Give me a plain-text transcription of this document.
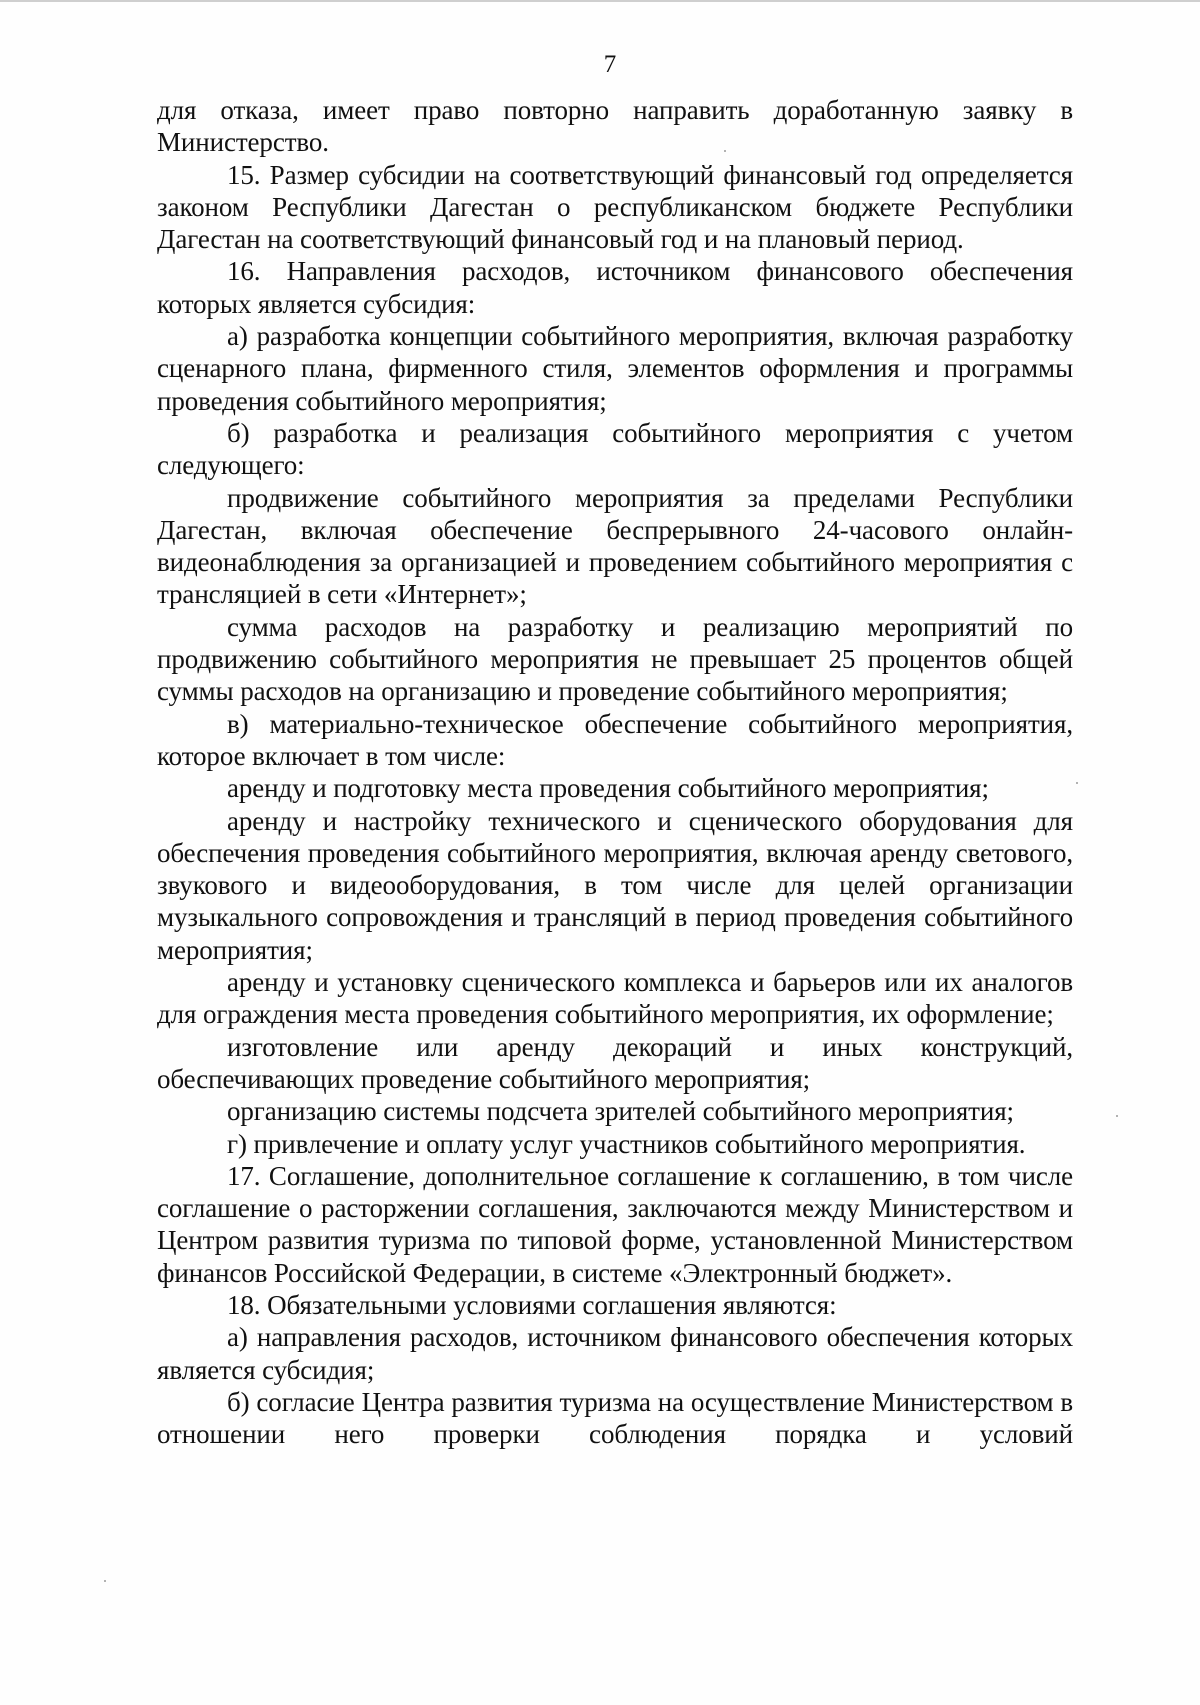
7

для отказа, имеет право повторно направить доработанную заявку в Министерство.

15. Размер субсидии на соответствующий финансовый год определяется законом Республики Дагестан о республиканском бюджете Республики Дагестан на соответствующий финансовый год и на плановый период.

16. Направления расходов, источником финансового обеспечения которых является субсидия:

а) разработка концепции событийного мероприятия, включая разработку сценарного плана, фирменного стиля, элементов оформления и программы проведения событийного мероприятия;

б) разработка и реализация событийного мероприятия с учетом следующего:

продвижение событийного мероприятия за пределами Республики Дагестан, включая обеспечение беспрерывного 24-часового онлайн-видеонаблюдения за организацией и проведением событийного мероприятия с трансляцией в сети «Интернет»;

сумма расходов на разработку и реализацию мероприятий по продвижению событийного мероприятия не превышает 25 процентов общей суммы расходов на организацию и проведение событийного мероприятия;

в) материально-техническое обеспечение событийного мероприятия, которое включает в том числе:

аренду и подготовку места проведения событийного мероприятия;

аренду и настройку технического и сценического оборудования для обеспечения проведения событийного мероприятия, включая аренду светового, звукового и видеооборудования, в том числе для целей организации музыкального сопровождения и трансляций в период проведения событийного мероприятия;

аренду и установку сценического комплекса и барьеров или их аналогов для ограждения места проведения событийного мероприятия, их оформление;

изготовление или аренду декораций и иных конструкций, обеспечивающих проведение событийного мероприятия;

организацию системы подсчета зрителей событийного мероприятия;

г) привлечение и оплату услуг участников событийного мероприятия.

17. Соглашение, дополнительное соглашение к соглашению, в том числе соглашение о расторжении соглашения, заключаются между Министерством и Центром развития туризма по типовой форме, установленной Министерством финансов Российской Федерации, в системе «Электронный бюджет».

18. Обязательными условиями соглашения являются:

а) направления расходов, источником финансового обеспечения которых является субсидия;

б) согласие Центра развития туризма на осуществление Министерством в отношении него проверки соблюдения порядка и условий
